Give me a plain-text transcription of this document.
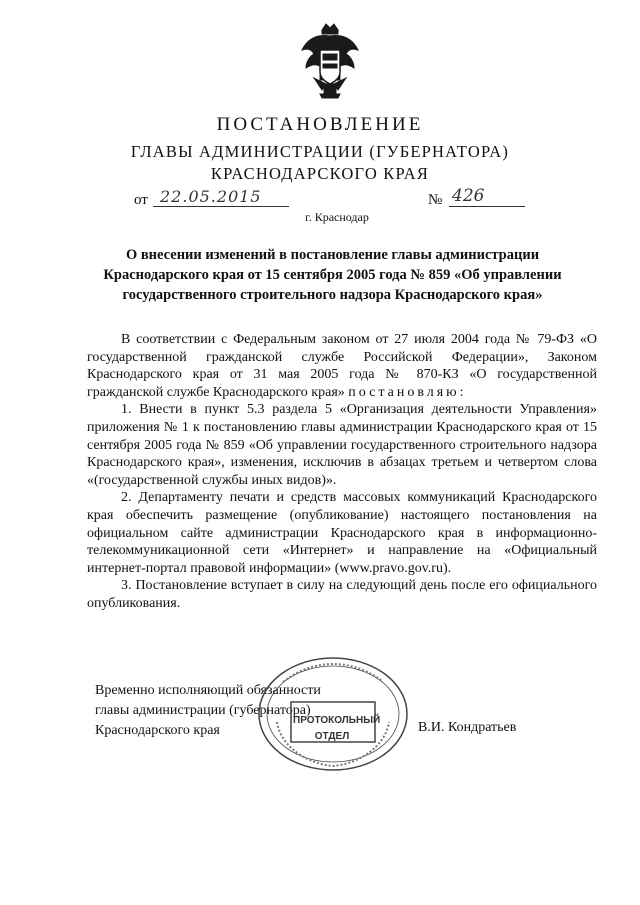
ПОСТАНОВЛЕНИЕ
ГЛАВЫ АДМИНИСТРАЦИИ (ГУБЕРНАТОРА)
КРАСНОДАРСКОГО КРАЯ
от 22.05.2015	№ 426
г. Краснодар
О внесении изменений в постановление главы администрации
Краснодарского края от 15 сентября 2005 года № 859 «Об управлении
государственного строительного надзора Краснодарского края»

В соответствии с Федеральным законом от 27 июля 2004 года № 79-ФЗ «О государственной гражданской службе Российской Федерации», Законом Краснодарского края от 31 мая 2005 года № 870-КЗ «О государственной гражданской службе Краснодарского края» постановляю:

1. Внести в пункт 5.3 раздела 5 «Организация деятельности Управления» приложения № 1 к постановлению главы администрации Краснодарского края от 15 сентября 2005 года № 859 «Об управлении государственного строительного надзора Краснодарского края», изменения, исключив в абзацах третьем и четвертом слова «(государственной службы иных видов)».

2. Департаменту печати и средств массовых коммуникаций Краснодарского края обеспечить размещение (опубликование) настоящего постановления на официальном сайте администрации Краснодарского края в информационно-телекоммуникационной сети «Интернет» и направление на «Официальный интернет-портал правовой информации» (www.pravo.gov.ru).

3. Постановление вступает в силу на следующий день после его официального опубликования.

Временно исполняющий обязанности
главы администрации (губернатора)
Краснодарского края	В.И. Кондратьев
ПРОТОКОЛЬНЫЙ
ОТДЕЛ
